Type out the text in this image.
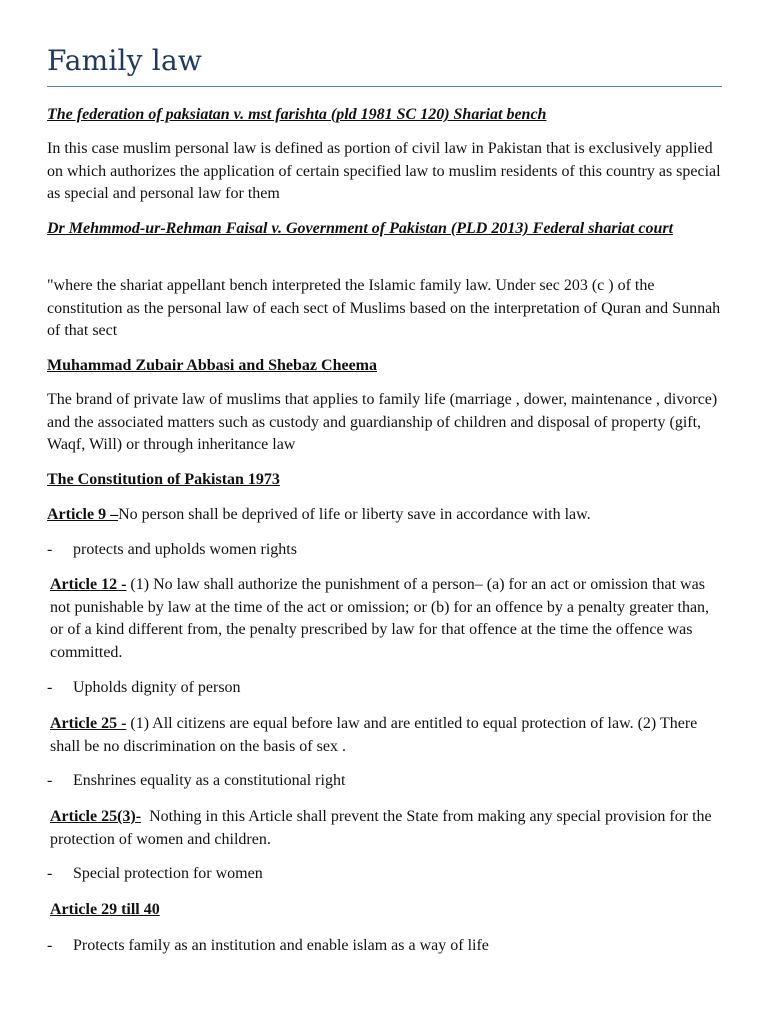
Family law
The federation of paksiatan v. mst farishta (pld 1981 SC 120) Shariat bench
In this case muslim personal law is defined as portion of civil law in Pakistan that is exclusively applied on which authorizes the application of certain specified law to muslim residents of this country as special as special and personal law for them
Dr Mehmmod-ur-Rehman Faisal v. Government of Pakistan (PLD 2013) Federal shariat court
"where the shariat appellant bench interpreted the Islamic family law. Under sec 203 (c ) of the constitution as the personal law of each sect of Muslims based on the interpretation of Quran and Sunnah of that sect
Muhammad Zubair Abbasi and Shebaz Cheema
The brand of private law of muslims that applies to family life (marriage , dower, maintenance , divorce) and the associated matters such as custody and guardianship of children and disposal of property (gift, Waqf, Will) or through inheritance law
The Constitution of Pakistan 1973
Article 9 –No person shall be deprived of life or liberty save in accordance with law.
- protects and upholds women rights
Article 12 - (1) No law shall authorize the punishment of a person– (a) for an act or omission that was not punishable by law at the time of the act or omission; or (b) for an offence by a penalty greater than, or of a kind different from, the penalty prescribed by law for that offence at the time the offence was committed.
- Upholds dignity of person
Article 25 - (1) All citizens are equal before law and are entitled to equal protection of law. (2) There shall be no discrimination on the basis of sex .
- Enshrines equality as a constitutional right
Article 25(3)-  Nothing in this Article shall prevent the State from making any special provision for the protection of women and children.
- Special protection for women
Article 29 till 40
- Protects family as an institution and enable islam as a way of life
